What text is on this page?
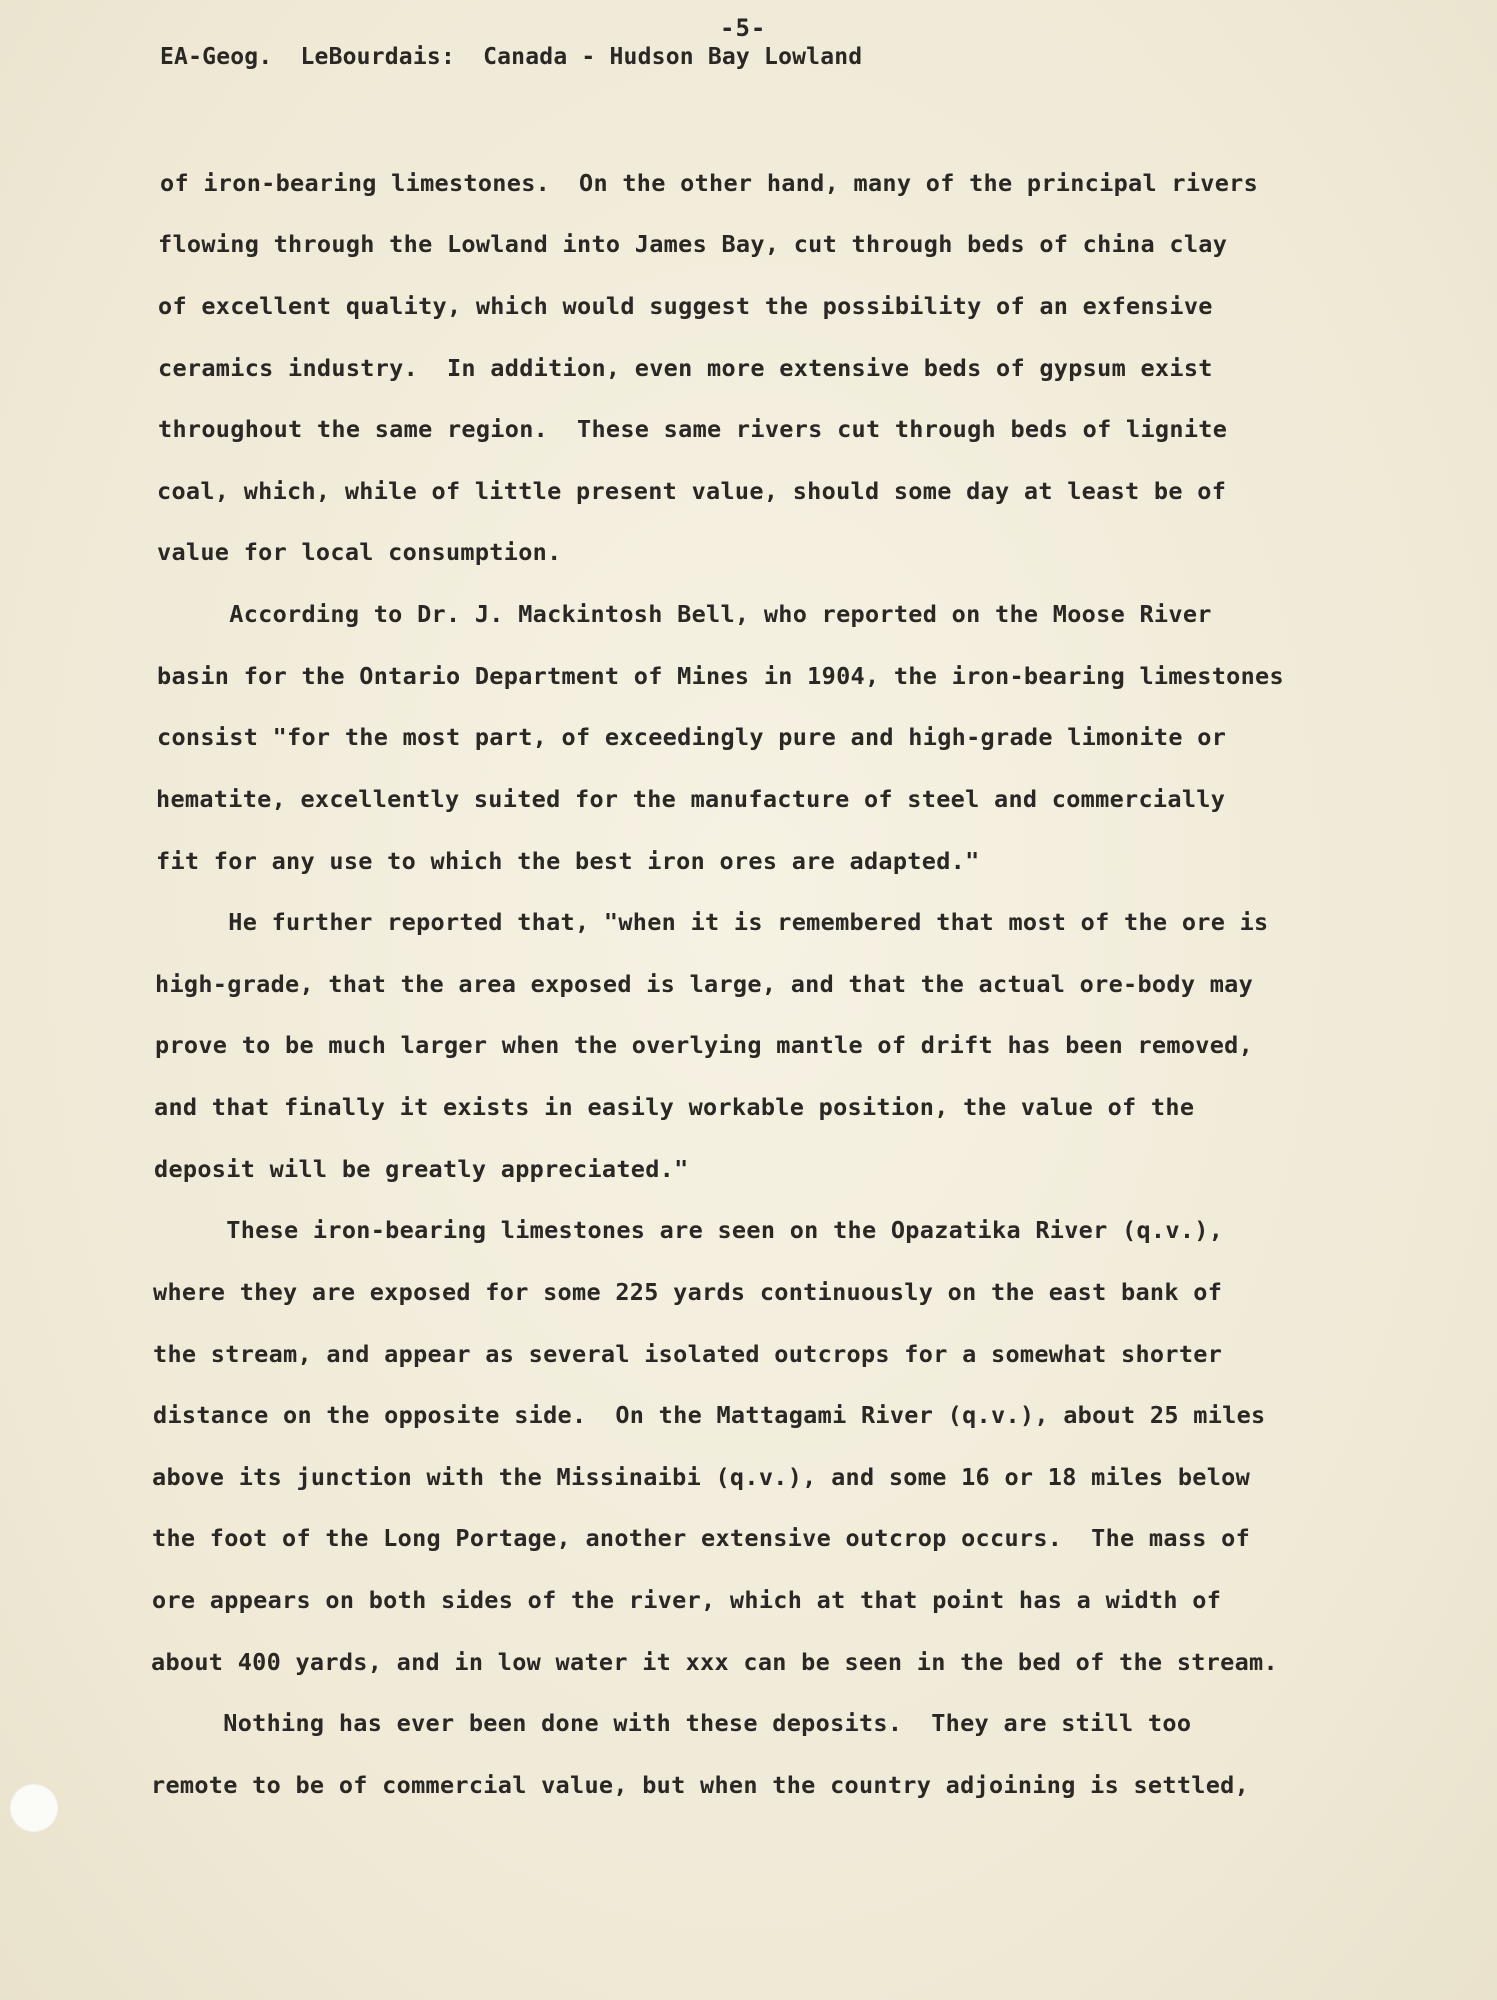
-5-
EA-Geog.  LeBourdais:  Canada - Hudson Bay Lowland
of iron-bearing limestones.  On the other hand, many of the principal rivers
flowing through the Lowland into James Bay, cut through beds of china clay
of excellent quality, which would suggest the possibility of an exfensive
ceramics industry.  In addition, even more extensive beds of gypsum exist
throughout the same region.  These same rivers cut through beds of lignite
coal, which, while of little present value, should some day at least be of
value for local consumption.
According to Dr. J. Mackintosh Bell, who reported on the Moose River
basin for the Ontario Department of Mines in 1904, the iron-bearing limestones
consist "for the most part, of exceedingly pure and high-grade limonite or
hematite, excellently suited for the manufacture of steel and commercially
fit for any use to which the best iron ores are adapted."
He further reported that, "when it is remembered that most of the ore is
high-grade, that the area exposed is large, and that the actual ore-body may
prove to be much larger when the overlying mantle of drift has been removed,
and that finally it exists in easily workable position, the value of the
deposit will be greatly appreciated."
These iron-bearing limestones are seen on the Opazatika River (q.v.),
where they are exposed for some 225 yards continuously on the east bank of
the stream, and appear as several isolated outcrops for a somewhat shorter
distance on the opposite side.  On the Mattagami River (q.v.), about 25 miles
above its junction with the Missinaibi (q.v.), and some 16 or 18 miles below
the foot of the Long Portage, another extensive outcrop occurs.  The mass of
ore appears on both sides of the river, which at that point has a width of
about 400 yards, and in low water it xxx can be seen in the bed of the stream.
Nothing has ever been done with these deposits.  They are still too
remote to be of commercial value, but when the country adjoining is settled,
